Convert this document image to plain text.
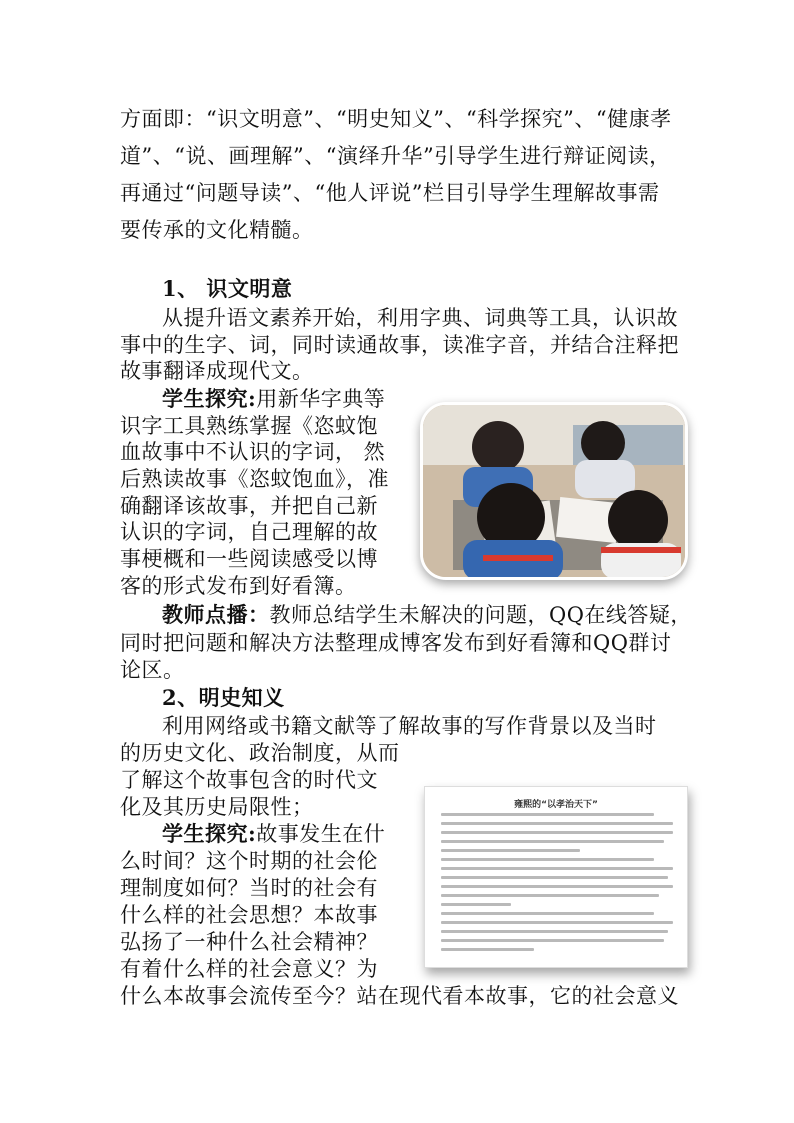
方面即：“识文明意”、“明史知义”、“科学探究”、“健康孝
道”、“说、画理解”、“演绎升华”引导学生进行辩证阅读，
再通过“问题导读”、“他人评说”栏目引导学生理解故事需
要传承的文化精髓。
1、 识文明意
从提升语文素养开始，利用字典、词典等工具，认识故
事中的生字、词，同时读通故事，读准字音，并结合注释把
故事翻译成现代文。
学生探究:用新华字典等
识字工具熟练掌握《恣蚊饱
血故事中不认识的字词， 然
后熟读故事《恣蚊饱血》，准
确翻译该故事，并把自己新
认识的字词，自己理解的故
事梗概和一些阅读感受以博
客的形式发布到好看簿。
教师点播：教师总结学生未解决的问题，QQ在线答疑，
同时把问题和解决方法整理成博客发布到好看簿和QQ群讨
论区。
2、明史知义
利用网络或书籍文献等了解故事的写作背景以及当时
的历史文化、政治制度，从而
了解这个故事包含的时代文
化及其历史局限性；
学生探究:故事发生在什
么时间？这个时期的社会伦
理制度如何？当时的社会有
什么样的社会思想？本故事
弘扬了一种什么社会精神？
有着什么样的社会意义？为
什么本故事会流传至今？站在现代看本故事，它的社会意义
雍熙的“以孝治天下”
